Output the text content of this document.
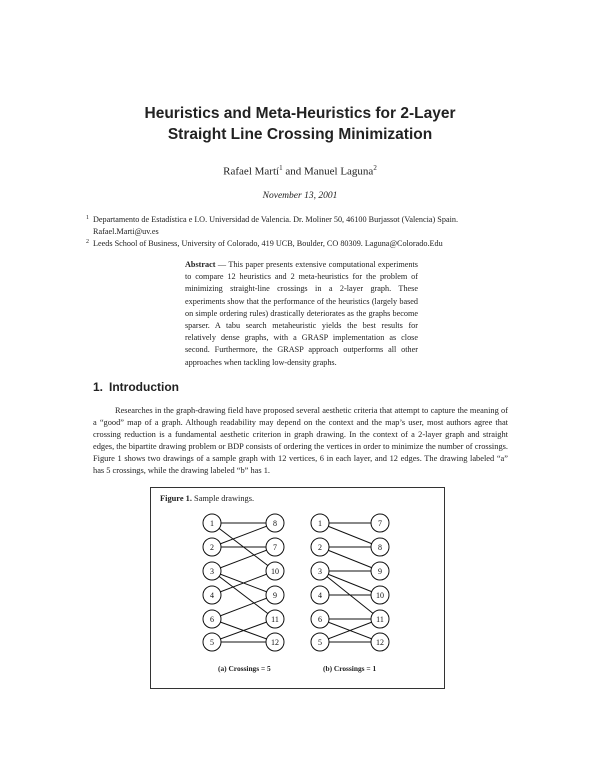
Heuristics and Meta-Heuristics for 2-Layer
Straight Line Crossing Minimization
Rafael Martí$^1$ and Manuel Laguna$^2$
November 13, 2001
1 Departamento de Estadística e I.O. Universidad de Valencia. Dr. Moliner 50, 46100 Burjassot (Valencia) Spain.
Rafael.Marti@uv.es
2 Leeds School of Business, University of Colorado, 419 UCB, Boulder, CO 80309. Laguna@Colorado.Edu
Abstract — This paper presents extensive computational experiments to compare 12 heuristics and 2 meta-heuristics for the problem of minimizing straight-line crossings in a 2-layer graph. These experiments show that the performance of the heuristics (largely based on simple ordering rules) drastically deteriorates as the graphs become sparser. A tabu search metaheuristic yields the best results for relatively dense graphs, with a GRASP implementation as close second. Furthermore, the GRASP approach outperforms all other approaches when tackling low-density graphs.
1. Introduction
Researches in the graph-drawing field have proposed several aesthetic criteria that attempt to capture the meaning of a “good” map of a graph. Although readability may depend on the context and the map’s user, most authors agree that crossing reduction is a fundamental aesthetic criterion in graph drawing. In the context of a 2-layer graph and straight edges, the bipartite drawing problem or BDP consists of ordering the vertices in order to minimize the number of crossings. Figure 1 shows two drawings of a sample graph with 12 vertices, 6 in each layer, and 12 edges. The drawing labeled “a” has 5 crossings, while the drawing labeled “b” has 1.
Figure 1. Sample drawings.
1
2
3
4
6
5
8
7
10
9
11
12
1
2
3
4
6
5
7
8
9
10
11
12
(a) Crossings = 5	(b) Crossings = 1
